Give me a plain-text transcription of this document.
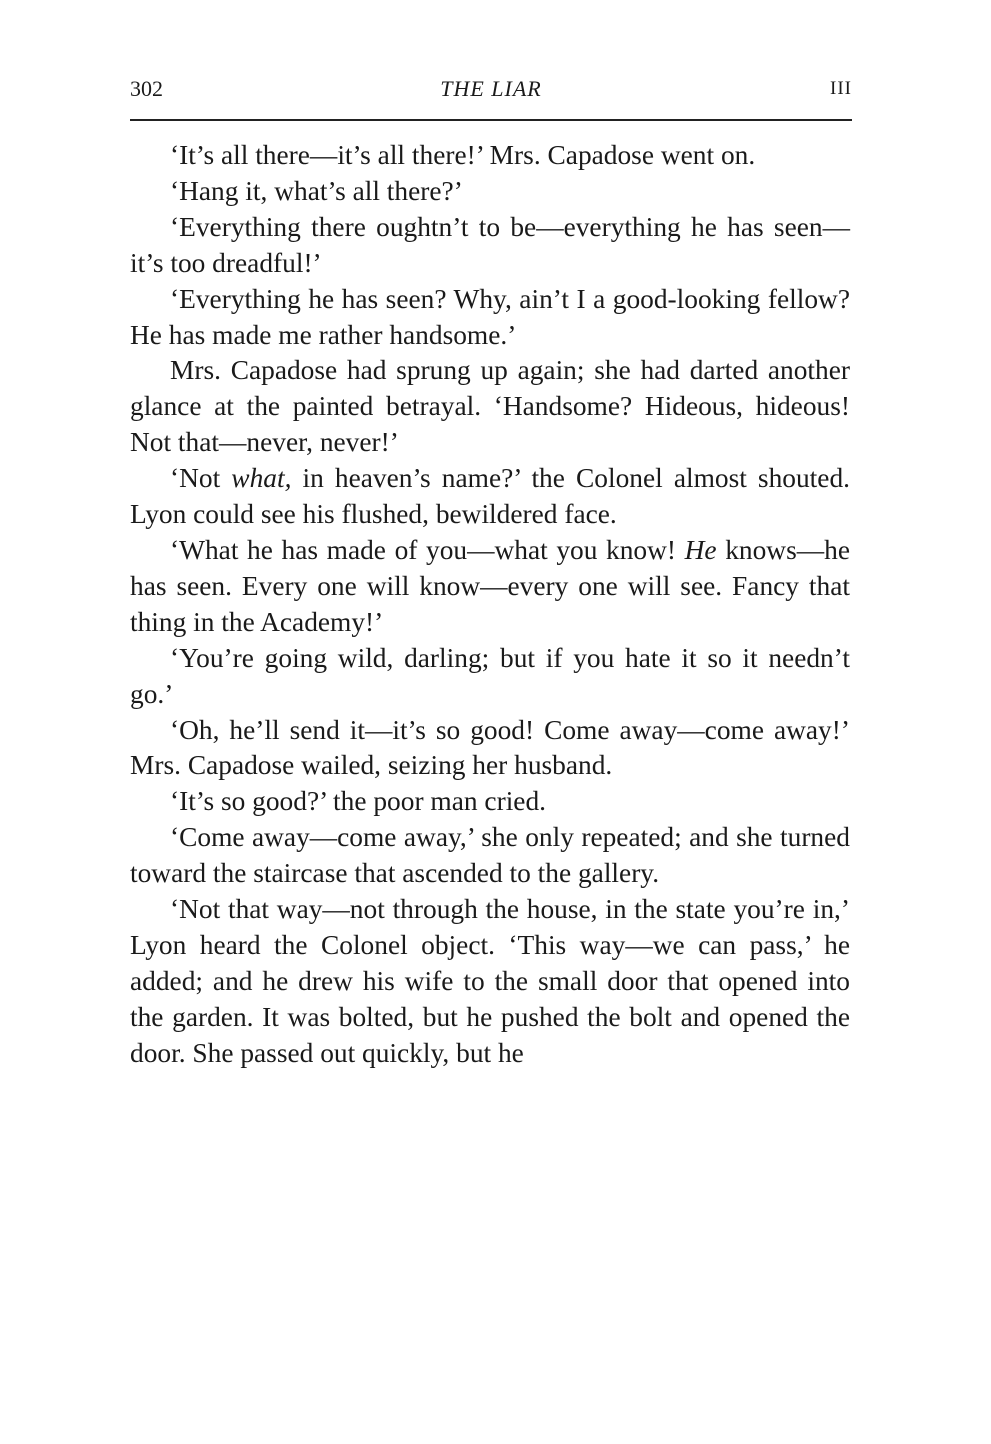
302	THE LIAR	III

‘It’s all there—it’s all there!’ Mrs. Capadose went on.

‘Hang it, what’s all there?’

‘Everything there oughtn’t to be—everything he has seen—it’s too dreadful!’

‘Everything he has seen? Why, ain’t I a good-looking fellow? He has made me rather handsome.’

Mrs. Capadose had sprung up again; she had darted another glance at the painted betrayal. ‘Handsome? Hideous, hideous! Not that—never, never!’

‘Not what, in heaven’s name?’ the Colonel almost shouted. Lyon could see his flushed, bewildered face.

‘What he has made of you—what you know! He knows—he has seen. Every one will know—every one will see. Fancy that thing in the Academy!’

‘You’re going wild, darling; but if you hate it so it needn’t go.’

‘Oh, he’ll send it—it’s so good! Come away—come away!’ Mrs. Capadose wailed, seizing her husband.

‘It’s so good?’ the poor man cried.

‘Come away—come away,’ she only repeated; and she turned toward the staircase that ascended to the gallery.

‘Not that way—not through the house, in the state you’re in,’ Lyon heard the Colonel object. ‘This way—we can pass,’ he added; and he drew his wife to the small door that opened into the garden. It was bolted, but he pushed the bolt and opened the door. She passed out quickly, but he
